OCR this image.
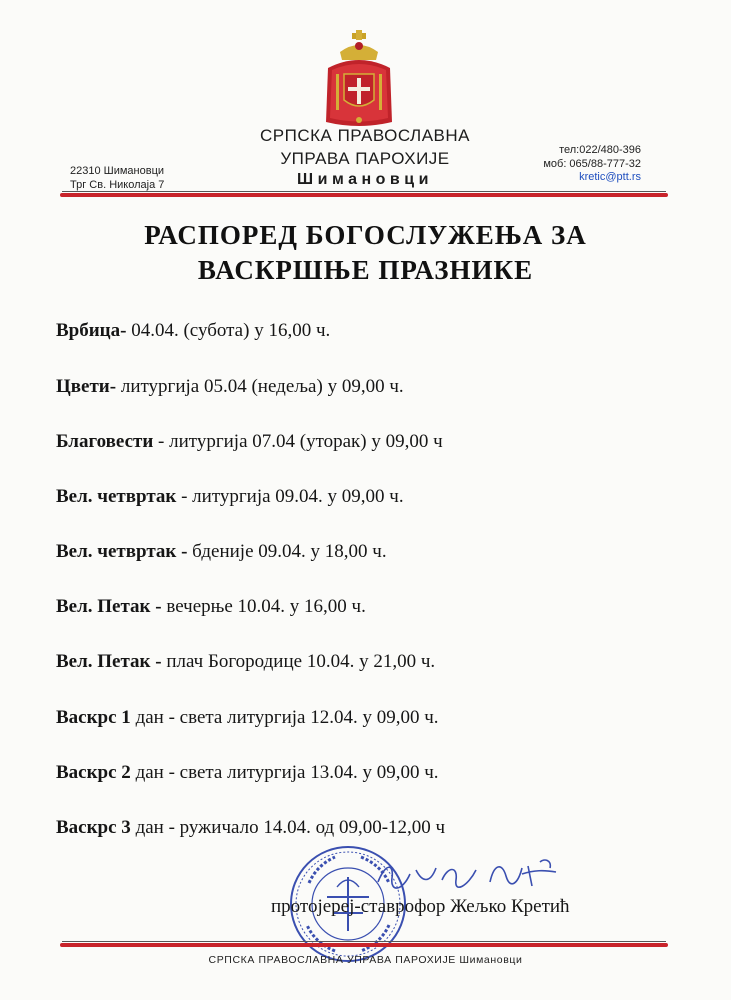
СРПСКА ПРАВОСЛАВНА
УПРАВА ПАРОХИЈЕ
Шимановци
22310 Шимановци
Трг Св. Николаја 7
тел:022/480-396
моб: 065/88-777-32
kretic@ptt.rs
РАСПОРЕД БОГОСЛУЖЕЊА ЗА
ВАСКРШЊЕ ПРАЗНИКЕ
Врбица- 04.04. (субота) у 16,00 ч.
Цвети- литургија 05.04 (недеља) у 09,00 ч.
Благовести - литургија 07.04 (уторак) у 09,00 ч
Вел. четвртак - литургија 09.04. у 09,00 ч.
Вел. четвртак - бденије 09.04. у 18,00 ч.
Вел. Петак - вечерње 10.04. у 16,00 ч.
Вел. Петак - плач Богородице 10.04. у 21,00 ч.
Васкрс 1 дан - света литургија 12.04. у 09,00 ч.
Васкрс 2 дан - света литургија 13.04. у 09,00 ч.
Васкрс 3 дан - ружичало 14.04. од 09,00-12,00 ч
протојереј-ставрофор Жељко Кретић
СРПСКА ПРАВОСЛАВНА УПРАВА ПАРОХИЈЕ Шимановци
